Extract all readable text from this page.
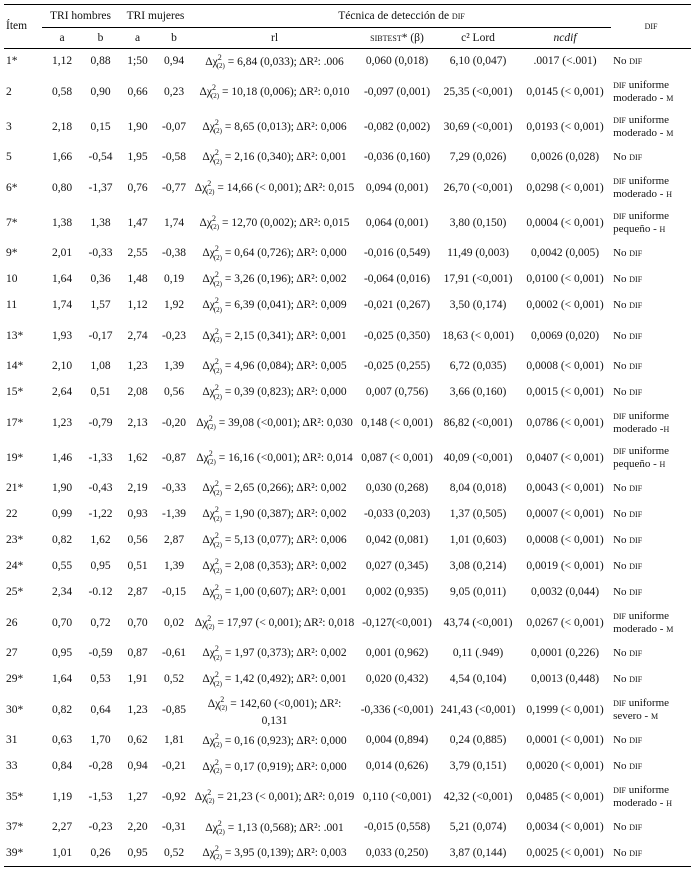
Ítem	TRI hombres		TRI mujeres		Técnica de detección de dif				dif
	a	b	a	b	rl	sibtest* (β)	c² Lord	ncdif	
1*	1,12	0,88	1;50	0,94	$\Delta\chi^2_{(2)} = 6,84$ (0,033); ΔR²: .006	0,060 (0,018)	6,10 (0,047)	.0017 (<.001)	No dif
2	0,58	0,90	0,66	0,23	$\Delta\chi^2_{(2)} = 10,18$ (0,006); ΔR²: 0,010	-0,097 (0,001)	25,35 (<0,001)	0,0145 (< 0,001)	dif uniforme moderado - m
3	2,18	0,15	1,90	-0,07	$\Delta\chi^2_{(2)} = 8,65$ (0,013); ΔR²: 0,006	-0,082 (0,002)	30,69 (<0,001)	0,0193 (< 0,001)	dif uniforme moderado - m
5	1,66	-0,54	1,95	-0,58	$\Delta\chi^2_{(2)} = 2,16$ (0,340); ΔR²: 0,001	-0,036 (0,160)	7,29 (0,026)	0,0026 (0,028)	No dif
6*	0,80	-1,37	0,76	-0,77	$\Delta\chi^2_{(2)} = 14,66$ (< 0,001); ΔR²: 0,015	0,094 (0,001)	26,70 (<0,001)	0,0298 (< 0,001)	dif uniforme moderado - h
7*	1,38	1,38	1,47	1,74	$\Delta\chi^2_{(2)} = 12,70$ (0,002); ΔR²: 0,015	0,064 (0,001)	3,80 (0,150)	0,0004 (< 0,001)	dif uniforme pequeño - h
9*	2,01	-0,33	2,55	-0,38	$\Delta\chi^2_{(2)} = 0,64$ (0,726); ΔR²: 0,000	-0,016 (0,549)	11,49 (0,003)	0,0042 (0,005)	No dif
10	1,64	0,36	1,48	0,19	$\Delta\chi^2_{(2)} = 3,26$ (0,196); ΔR²: 0,002	-0,064 (0,016)	17,91 (<0,001)	0,0100 (< 0,001)	No dif
11	1,74	1,57	1,12	1,92	$\Delta\chi^2_{(2)} = 6,39$ (0,041); ΔR²: 0,009	-0,021 (0,267)	3,50 (0,174)	0,0002 (< 0,001)	No dif
13*	1,93	-0,17	2,74	-0,23	$\Delta\chi^2_{(2)} = 2,15$ (0,341); ΔR²: 0,001	-0,025 (0,350)	18,63 (< 0,001)	0,0069 (0,020)	No dif
14*	2,10	1,08	1,23	1,39	$\Delta\chi^2_{(2)} = 4,96$ (0,084); ΔR²: 0,005	-0,025 (0,255)	6,72 (0,035)	0,0008 (< 0,001)	No dif
15*	2,64	0,51	2,08	0,56	$\Delta\chi^2_{(2)} = 0,39$ (0,823); ΔR²: 0,000	0,007 (0,756)	3,66 (0,160)	0,0015 (< 0,001)	No dif
17*	1,23	-0,79	2,13	-0,20	$\Delta\chi^2_{(2)} = 39,08$ (<0,001); ΔR²: 0,030	0,148 (< 0,001)	86,82 (<0,001)	0,0786 (< 0,001)	dif uniforme moderado -h
19*	1,46	-1,33	1,62	-0,87	$\Delta\chi^2_{(2)} = 16,16$ (<0,001); ΔR²: 0,014	0,087 (< 0,001)	40,09 (<0,001)	0,0407 (< 0,001)	dif uniforme pequeño - h
21*	1,90	-0,43	2,19	-0,33	$\Delta\chi^2_{(2)} = 2,65$ (0,266); ΔR²: 0,002	0,030 (0,268)	8,04 (0,018)	0,0043 (< 0,001)	No dif
22	0,99	-1,22	0,93	-1,39	$\Delta\chi^2_{(2)} = 1,90$ (0,387); ΔR²: 0,002	-0,033 (0,203)	1,37 (0,505)	0,0007 (< 0,001)	No dif
23*	0,82	1,62	0,56	2,87	$\Delta\chi^2_{(2)} = 5,13$ (0,077); ΔR²: 0,006	0,042 (0,081)	1,01 (0,603)	0,0008 (< 0,001)	No dif
24*	0,55	0,95	0,51	1,39	$\Delta\chi^2_{(2)} = 2,08$ (0,353); ΔR²: 0,002	0,027 (0,345)	3,08 (0,214)	0,0019 (< 0,001)	No dif
25*	2,34	-0.12	2,87	-0,15	$\Delta\chi^2_{(2)} = 1,00$ (0,607); ΔR²: 0,001	0,002 (0,935)	9,05 (0,011)	0,0032 (0,044)	No dif
26	0,70	0,72	0,70	0,02	$\Delta\chi^2_{(2)} = 17,97$ (< 0,001); ΔR²: 0,018	-0,127(<0,001)	43,74 (<0,001)	0,0267 (< 0,001)	dif uniforme moderado - m
27	0,95	-0,59	0,87	-0,61	$\Delta\chi^2_{(2)} = 1,97$ (0,373); ΔR²: 0,002	0,001 (0,962)	0,11 (.949)	0,0001 (0,226)	No dif
29*	1,64	0,53	1,91	0,52	$\Delta\chi^2_{(2)} = 1,42$ (0,492); ΔR²: 0,001	0,020 (0,432)	4,54 (0,104)	0,0013 (0,448)	No dif
30*	0,82	0,64	1,23	-0,85	$\Delta\chi^2_{(2)} = 142,60$ (<0,001); ΔR²: 0,131	-0,336 (<0,001)	241,43 (<0,001)	0,1999 (< 0,001)	dif uniforme severo - m
31	0,63	1,70	0,62	1,81	$\Delta\chi^2_{(2)} = 0,16$ (0,923); ΔR²: 0,000	0,004 (0,894)	0,24 (0,885)	0,0001 (< 0,001)	No dif
33	0,84	-0,28	0,94	-0,21	$\Delta\chi^2_{(2)} = 0,17$ (0,919); ΔR²: 0,000	0,014 (0,626)	3,79 (0,151)	0,0020 (< 0,001)	No dif
35*	1,19	-1,53	1,27	-0,92	$\Delta\chi^2_{(2)} = 21,23$ (< 0,001); ΔR²: 0,019	0,110 (<0,001)	42,32 (<0,001)	0,0485 (< 0,001)	dif uniforme moderado - h
37*	2,27	-0,23	2,20	-0,31	$\Delta\chi^2_{(2)} = 1,13$ (0,568); ΔR²: .001	-0,015 (0,558)	5,21 (0,074)	0,0034 (< 0,001)	No dif
39*	1,01	0,26	0,95	0,52	$\Delta\chi^2_{(2)} = 3,95$ (0,139); ΔR²: 0,003	0,033 (0,250)	3,87 (0,144)	0,0025 (< 0,001)	No dif
